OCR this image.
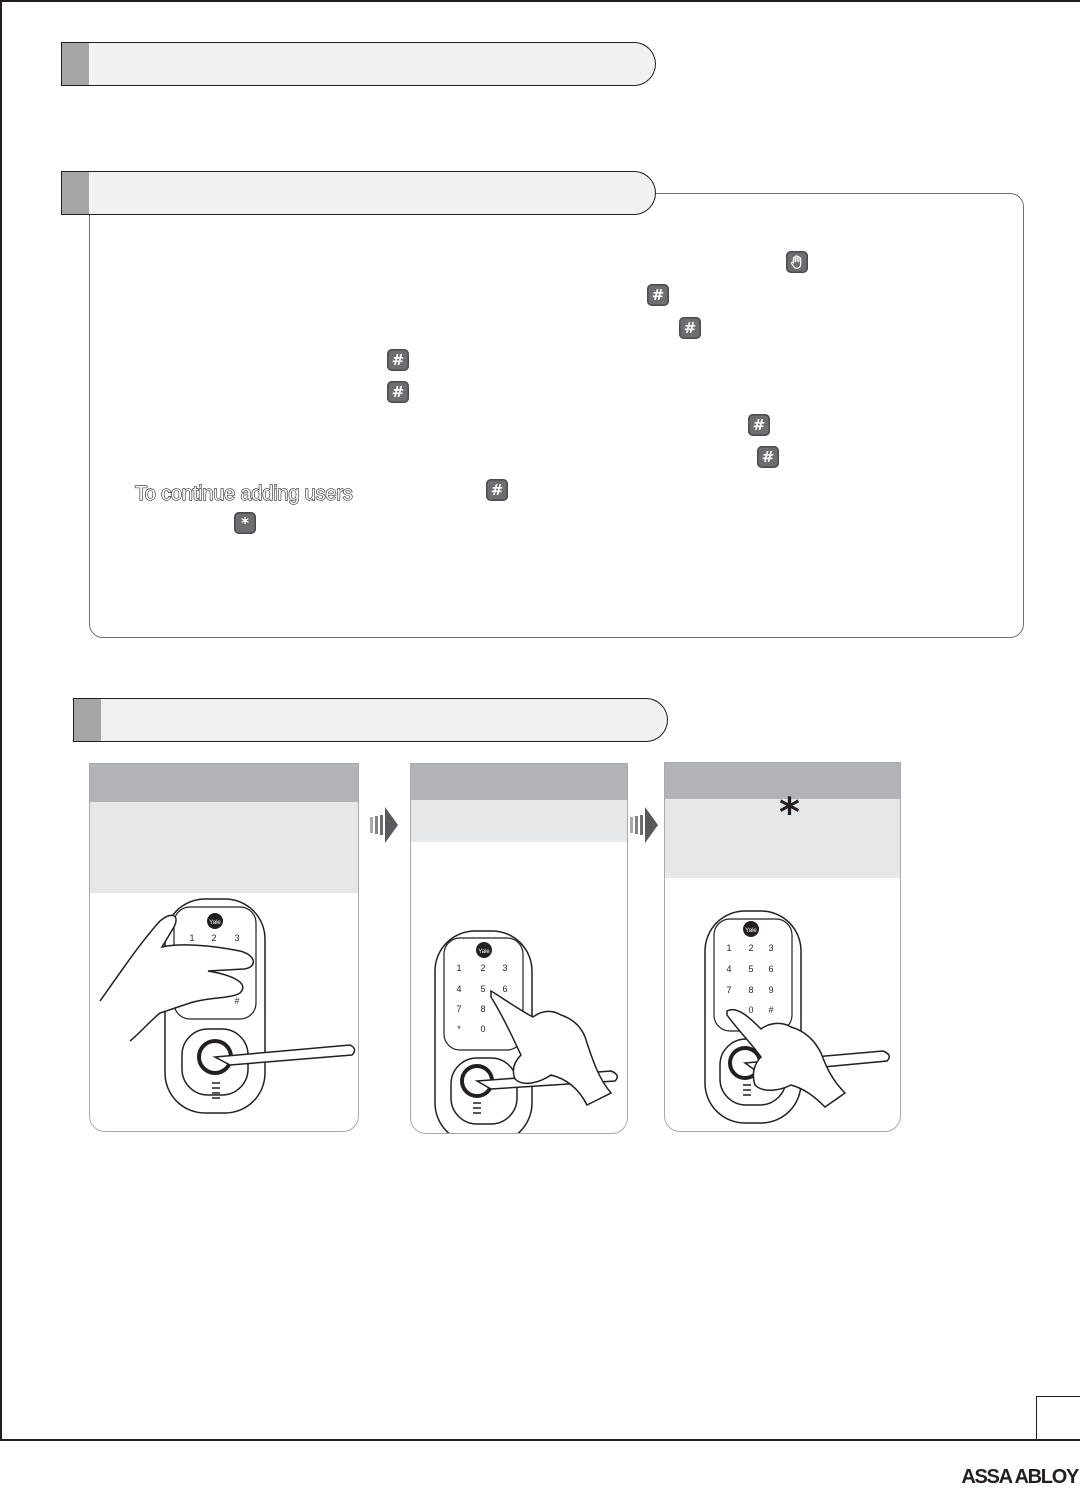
#
#
#
#
#
#
#
*
To continue adding users
Yale
1 2 3
#
Yale
1 2 3
4 5 6
7 8
* 0
Yale
1 2 3
4 5 6
7 8 9
0 #
*
ASSA ABLOY
